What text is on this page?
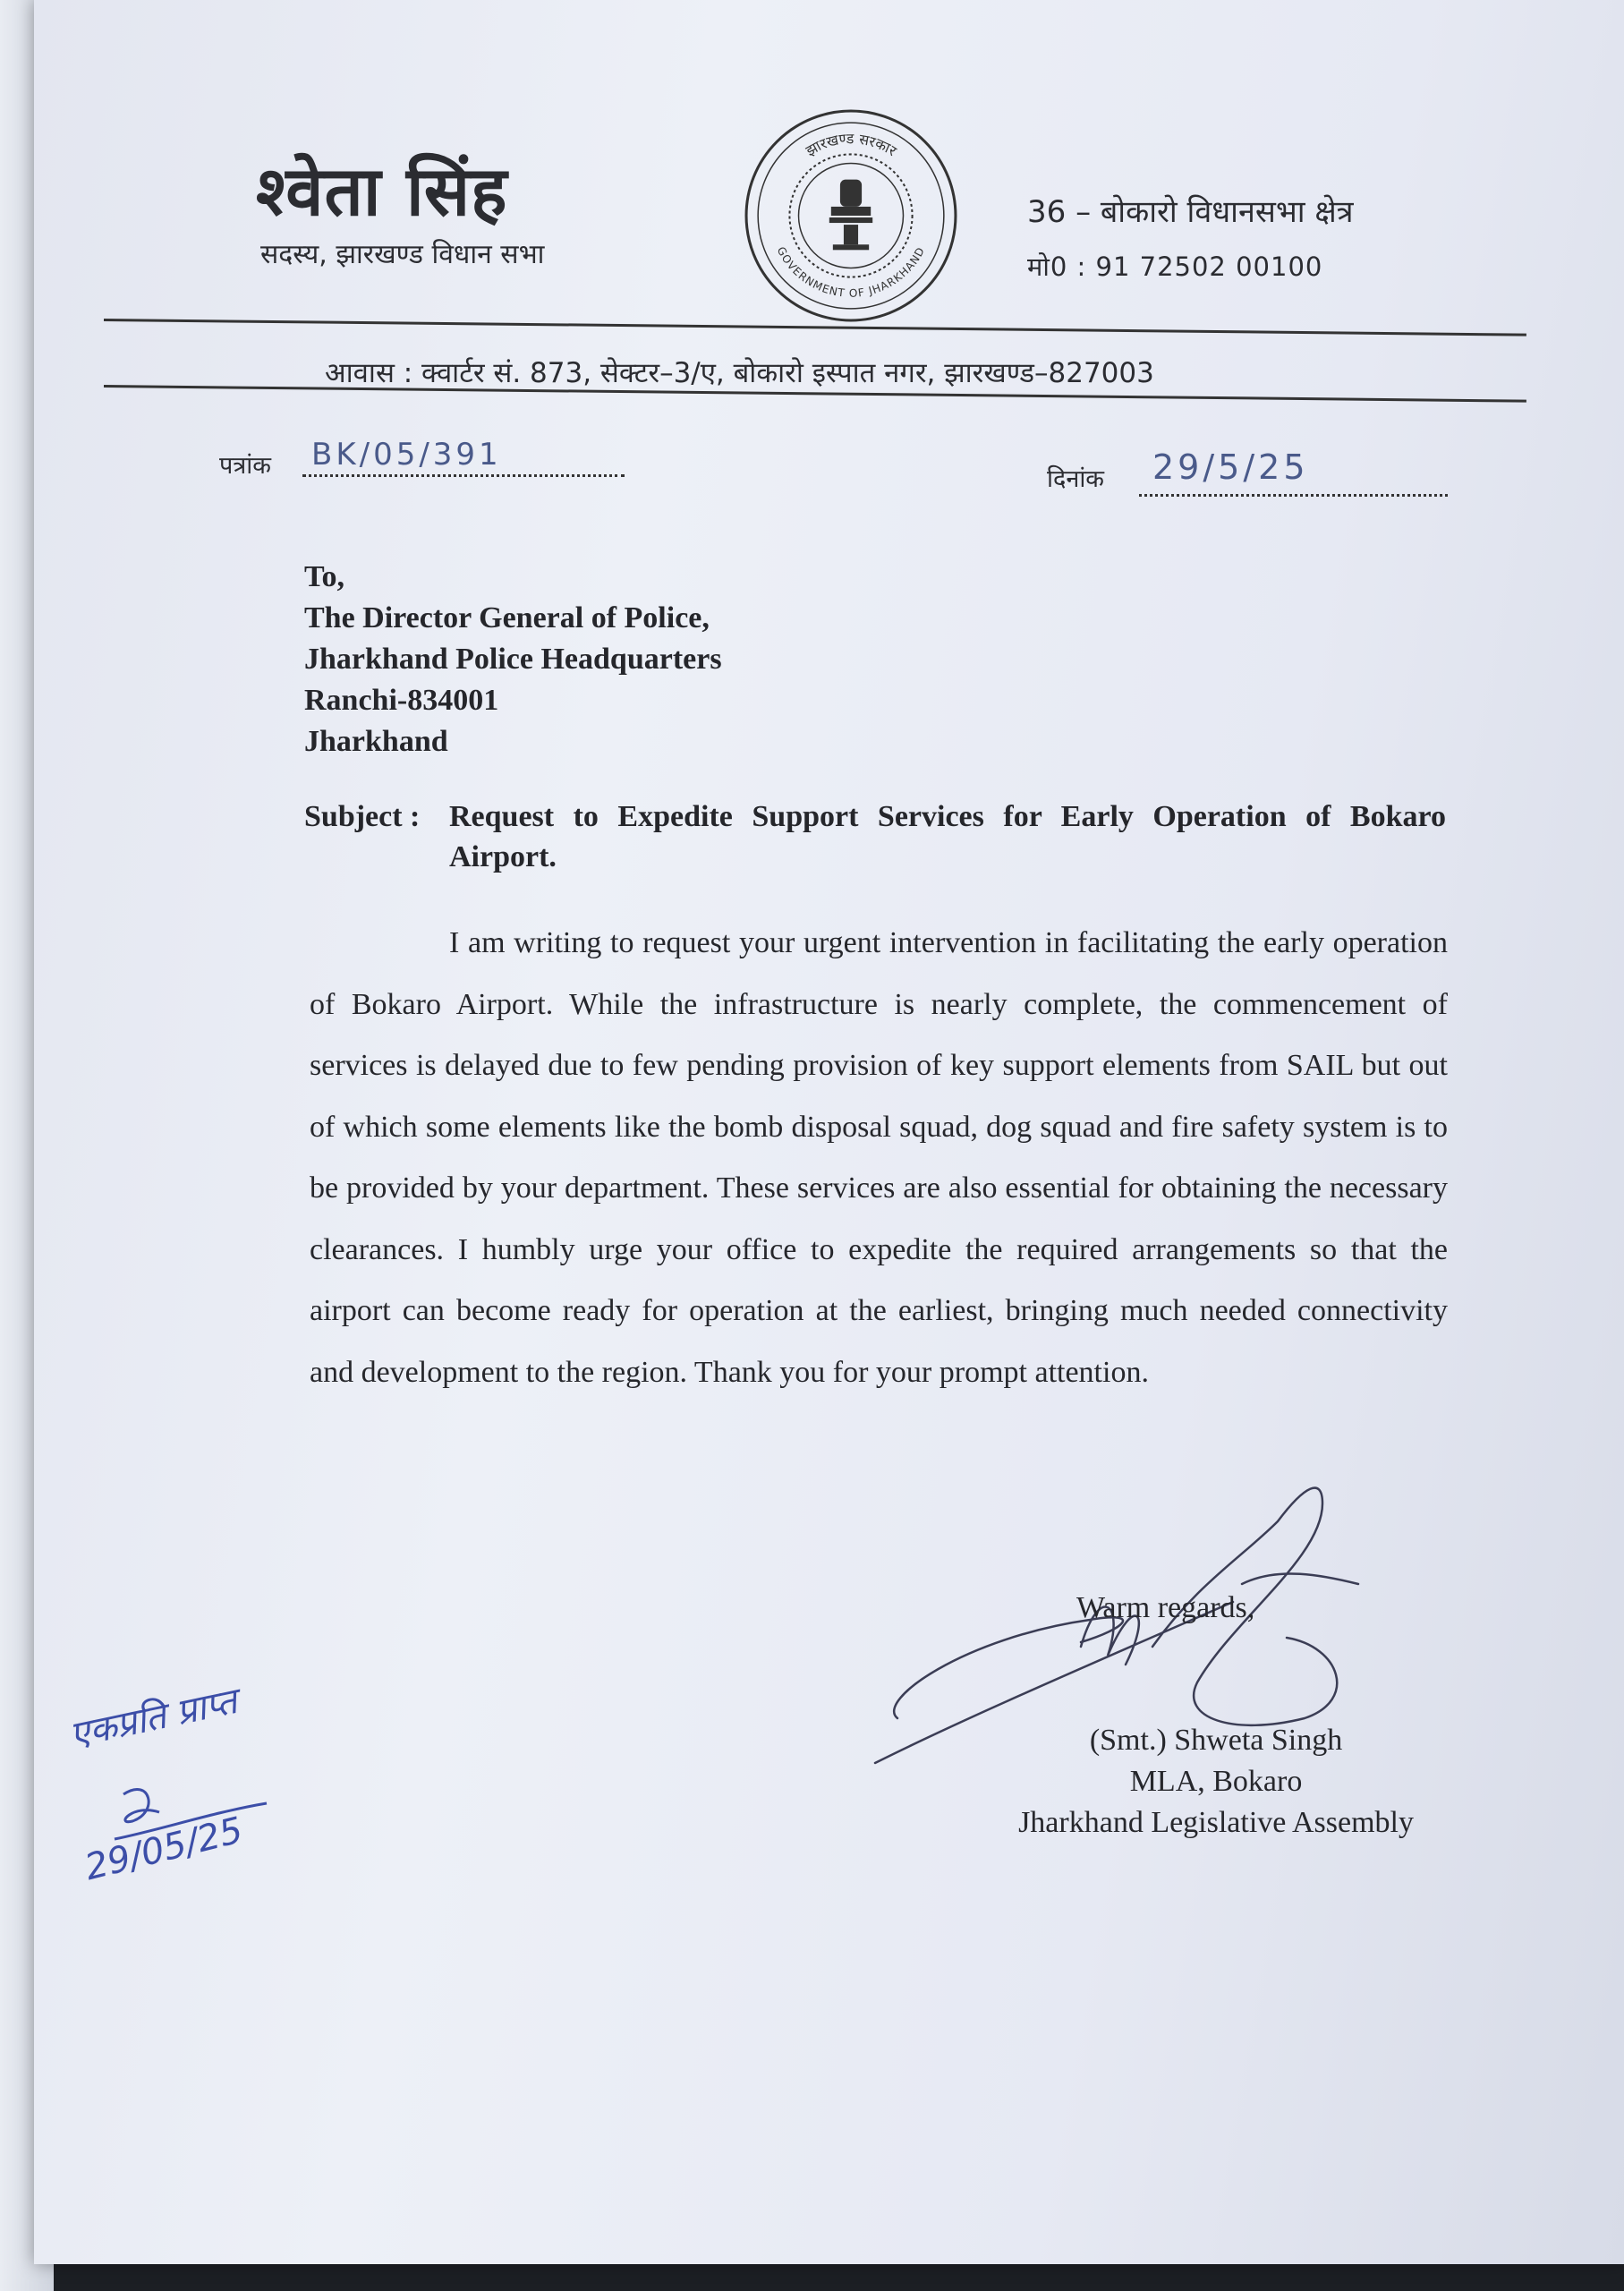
श्वेता सिंह
सदस्य, झारखण्ड विधान सभा
झारखण्ड सरकार
GOVERNMENT OF JHARKHAND
36 – बोकारो विधानसभा क्षेत्र
मो0 : 91 72502 00100
आवास : क्वार्टर सं. 873, सेक्टर–3/ए, बोकारो इस्पात नगर, झारखण्ड–827003
पत्रांक BK/05/391
दिनांक 29/5/25
To,
The Director General of Police,
Jharkhand Police Headquarters
Ranchi-834001
Jharkhand
Subject : Request to Expedite Support Services for Early Operation of Bokaro Airport.
I am writing to request your urgent intervention in facilitating the early operation of Bokaro Airport. While the infrastructure is nearly complete, the commencement of services is delayed due to few pending provision of key support elements from SAIL but out of which some elements like the bomb disposal squad, dog squad and fire safety system is to be provided by your department. These services are also essential for obtaining the necessary clearances. I humbly urge your office to expedite the required arrangements so that the airport can become ready for operation at the earliest, bringing much needed connectivity and development to the region. Thank you for your prompt attention.
Warm regards,
(Smt.) Shweta Singh
MLA, Bokaro
Jharkhand Legislative Assembly
एकप्रति प्राप्त
29/05/25
